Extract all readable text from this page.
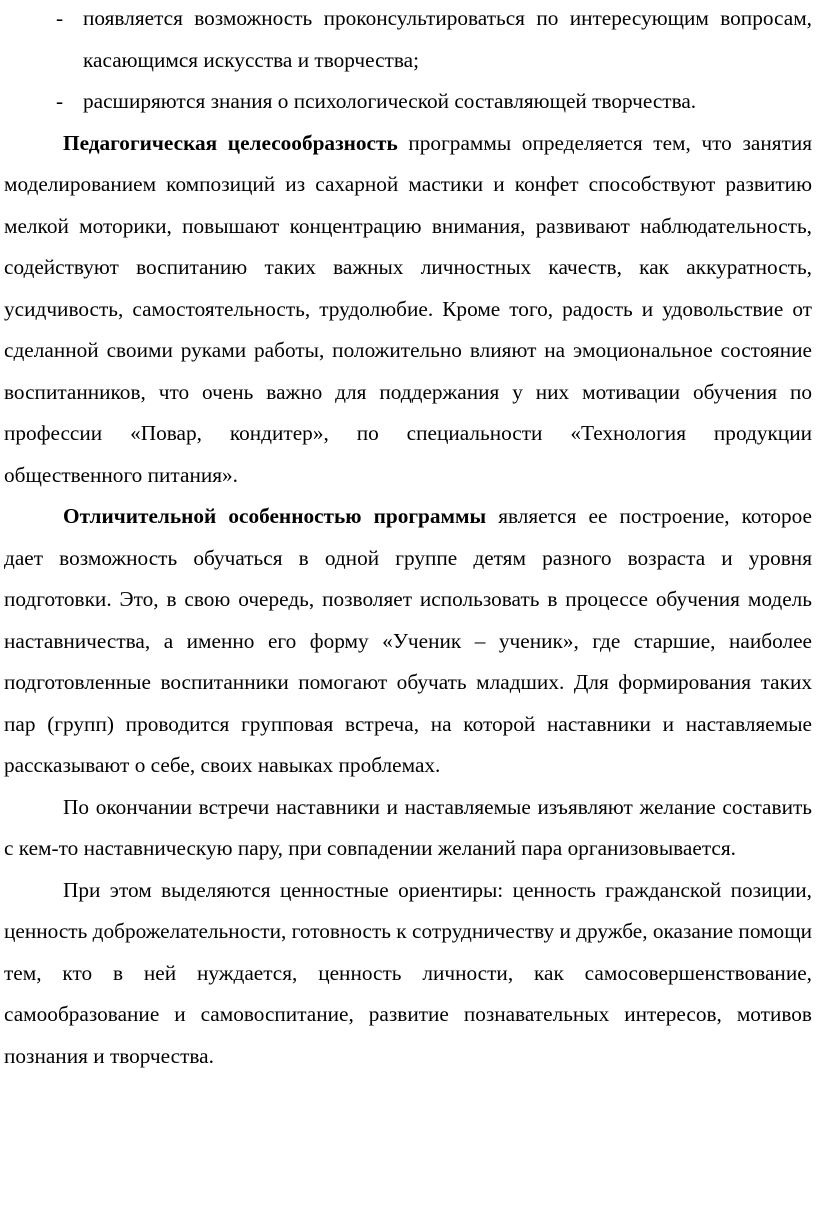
- появляется возможность проконсультироваться по интересующим вопросам, касающимся искусства и творчества;

- расширяются знания о психологической составляющей творчества.

Педагогическая целесообразность программы определяется тем, что занятия моделированием композиций из сахарной мастики и конфет способствуют развитию мелкой моторики, повышают концентрацию внимания, развивают наблюдательность, содействуют воспитанию таких важных личностных качеств, как аккуратность, усидчивость, самостоятельность, трудолюбие. Кроме того, радость и удовольствие от сделанной своими руками работы, положительно влияют на эмоциональное состояние воспитанников, что очень важно для поддержания у них мотивации обучения по профессии «Повар, кондитер», по специальности «Технология продукции общественного питания».

Отличительной особенностью программы является ее построение, которое дает возможность обучаться в одной группе детям разного возраста и уровня подготовки. Это, в свою очередь, позволяет использовать в процессе обучения модель наставничества, а именно его форму «Ученик – ученик», где старшие, наиболее подготовленные воспитанники помогают обучать младших. Для формирования таких пар (групп) проводится групповая встреча, на которой наставники и наставляемые рассказывают о себе, своих навыках проблемах.

По окончании встречи наставники и наставляемые изъявляют желание составить с кем-то наставническую пару, при совпадении желаний пара организовывается.

При этом выделяются ценностные ориентиры: ценность гражданской позиции, ценность доброжелательности, готовность к сотрудничеству и дружбе, оказание помощи тем, кто в ней нуждается, ценность личности, как самосовершенствование, самообразование и самовоспитание, развитие познавательных интересов, мотивов познания и творчества.
